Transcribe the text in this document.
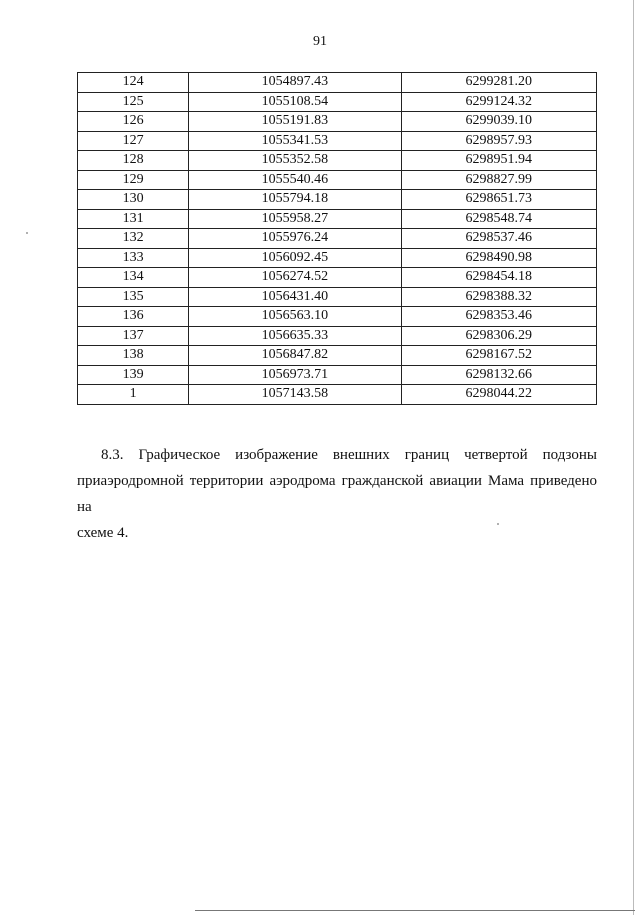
91
124	1054897.43	6299281.20
125	1055108.54	6299124.32
126	1055191.83	6299039.10
127	1055341.53	6298957.93
128	1055352.58	6298951.94
129	1055540.46	6298827.99
130	1055794.18	6298651.73
131	1055958.27	6298548.74
132	1055976.24	6298537.46
133	1056092.45	6298490.98
134	1056274.52	6298454.18
135	1056431.40	6298388.32
136	1056563.10	6298353.46
137	1056635.33	6298306.29
138	1056847.82	6298167.52
139	1056973.71	6298132.66
1	1057143.58	6298044.22
8.3. Графическое изображение внешних границ четвертой подзоны
приаэродромной территории аэродрома гражданской авиации Мама приведено на
схеме 4.
